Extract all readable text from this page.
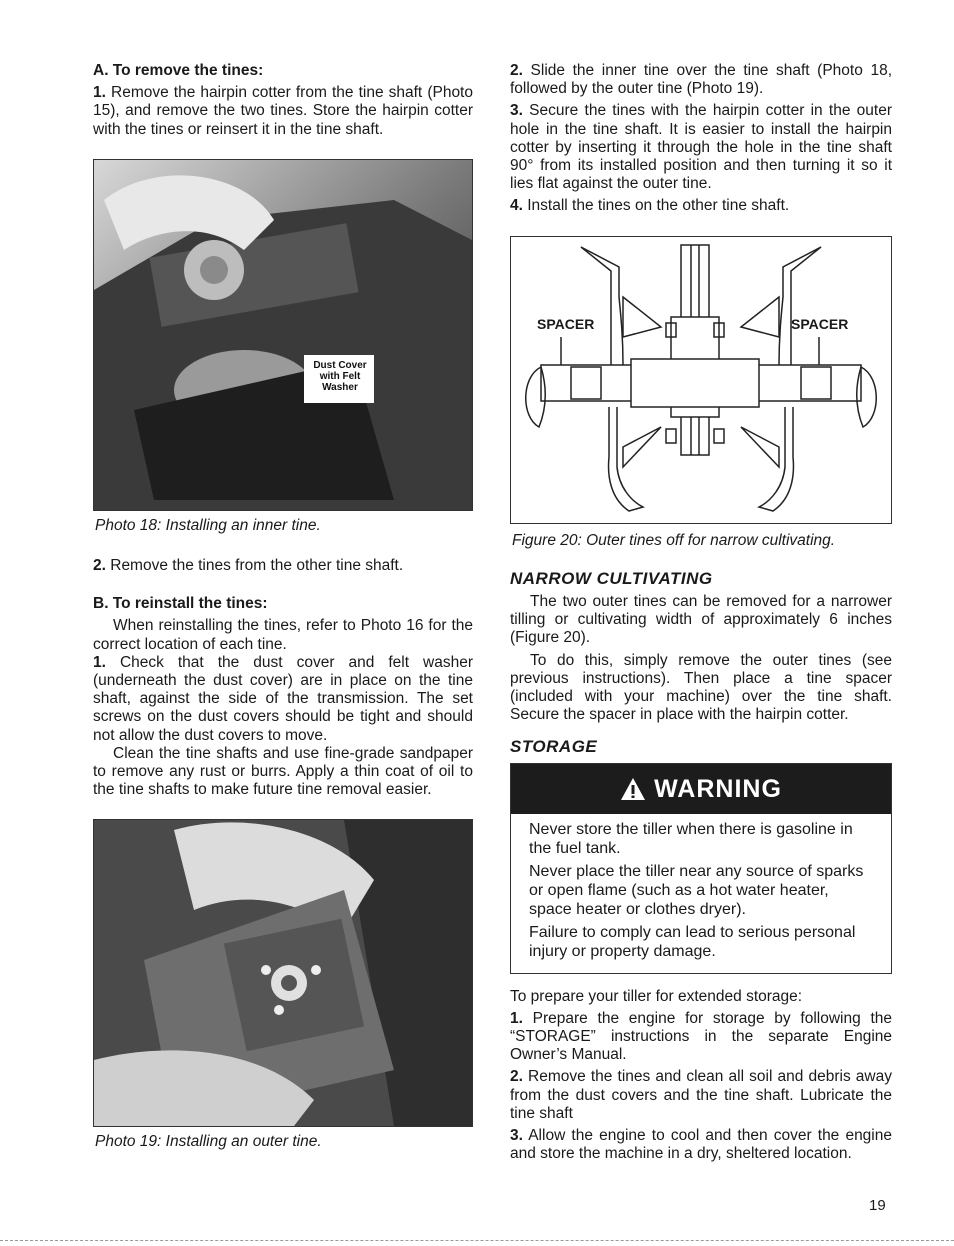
A. To remove the tines:

1. Remove the hairpin cotter from the tine shaft (Photo 15), and remove the two tines. Store the hairpin cotter with the tines or reinsert it in the tine shaft.

Dust Cover with Felt Washer
Photo 18: Installing an inner tine.

2. Remove the tines from the other tine shaft.

B. To reinstall the tines:

When reinstalling the tines, refer to Photo 16 for the correct location of each tine.

1. Check that the dust cover and felt washer (underneath the dust cover) are in place on the tine shaft, against the side of the transmission. The set screws on the dust covers should be tight and should not allow the dust covers to move.

Clean the tine shafts and use fine-grade sandpaper to remove any rust or burrs. Apply a thin coat of oil to the tine shafts to make future tine removal easier.

Photo 19: Installing an outer tine.

2. Slide the inner tine over the tine shaft (Photo 18, followed by the outer tine (Photo 19).

3. Secure the tines with the hairpin cotter in the outer hole in the tine shaft. It is easier to install the hairpin cotter by inserting it through the hole in the tine shaft 90° from its installed position and then turning it so it lies flat against the outer tine.

4. Install the tines on the other tine shaft.

SPACER	SPACER
Figure 20: Outer tines off for narrow cultivating.
NARROW CULTIVATING

The two outer tines can be removed for a narrower tilling or cultivating width of approximately 6 inches (Figure 20).

To do this, simply remove the outer tines (see previous instructions). Then place a tine spacer (included with your machine) over the tine shaft. Secure the spacer in place with the hairpin cotter.

STORAGE
WARNING

Never store the tiller when there is gasoline in the fuel tank.

Never place the tiller near any source of sparks or open flame (such as a hot water heater, space heater or clothes dryer).

Failure to comply can lead to serious personal injury or property damage.

To prepare your tiller for extended storage:

1. Prepare the engine for storage by following the “STORAGE” instructions in the separate Engine Owner’s Manual.

2. Remove the tines and clean all soil and debris away from the dust covers and the tine shaft. Lubricate the tine shaft

3. Allow the engine to cool and then cover the engine and store the machine in a dry, sheltered location.

19
